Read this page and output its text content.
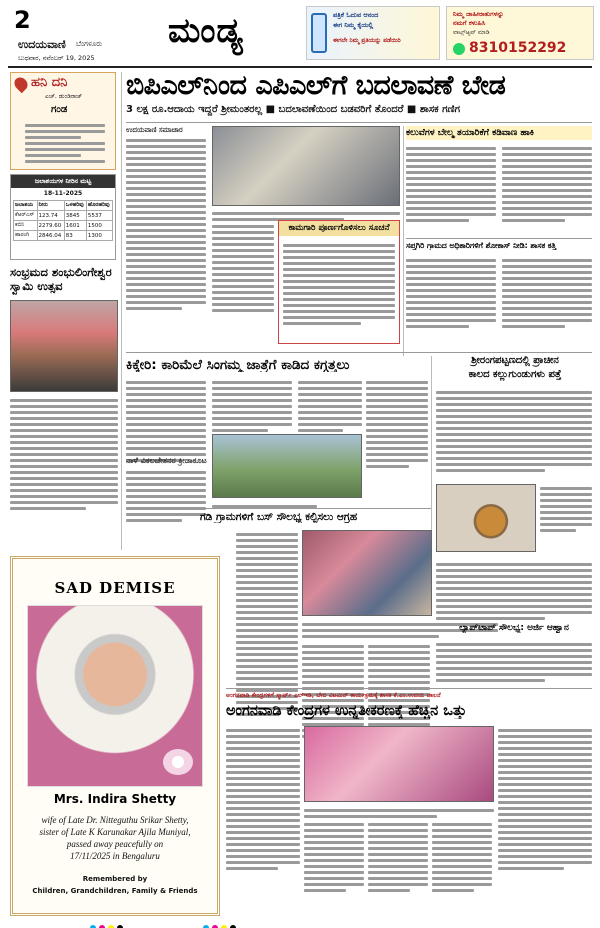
2
ಉದಯವಾಣಿ ಬೆಂಗಳೂರು
ಬುಧವಾರ, ನವೆಂಬರ್ 19, 2025
ಮಂಡ್ಯ	ಪತ್ರಿಕೆ ಓದುವ ಆನಂದ
ಈಗ ನಿಮ್ಮ ಕೈಯಲ್ಲಿ
ಈಗಲೇ ನಿಮ್ಮ ಪ್ರತಿಯನ್ನು ಪಡೆಯಿರಿ
ನಿಮ್ಮ ಜಾಹೀರಾತುಗಳನ್ನು
ನಮಗೆ ಕಳುಹಿಸಿ
ವಾಟ್ಸ್‌ಆ್ಯಪ್ ಮಾಡಿ
8310152292
ಹನಿ ದನಿ
ಎಚ್. ಡುಂಡಿರಾಜ್
ಗಂಡ
ಜಲಾಶಯಗಳ ನೀರಿನ ಮಟ್ಟ
18-11-2025
ಜಲಾಶಯ	ನೀರು	ಒಳಹರಿವು	ಹೊರಹರಿವು
ಕೆಆರ್‌ಎಸ್	123.74	3845	5537
ಕಬಿನಿ	2279.60	1601	1500
ಹಾರಂಗಿ	2846.04	83	1300
ಸಂಭ್ರಮದ ಶಂಭುಲಿಂಗೇಶ್ವರ ಸ್ವಾಮಿ ಉತ್ಸವ
ಬಿಪಿಎಲ್‌ನಿಂದ ಎಪಿಎಲ್‌ಗೆ ಬದಲಾವಣೆ ಬೇಡ
3 ಲಕ್ಷ ರೂ.ಆದಾಯ ಇದ್ದರೆ ಶ್ರೀಮಂತರಲ್ಲ ■ ಬದಲಾವಣೆಯಿಂದ ಬಡವರಿಗೆ ತೊಂದರೆ ■ ಶಾಸಕ ಗಣಿಗ
ಉದಯವಾಣಿ ಸಮಾಚಾರ
ಕಾಮಗಾರಿ ಪೂರ್ಣಗೊಳಿಸಲು ಸೂಚನೆ
ಕಲುವೆಗಳ ಬೇಲ್ಮ ತಯಾರಿಕೆಗೆ ಕಡಿವಾಣ ಹಾಕಿ
ಸಪ್ತಗಿರಿ ಗ್ರಾಮದ ಅಧಿಕಾರಿಗಳಿಗೆ ಶೋಕಾಸ್ ನೀಡಿ: ಶಾಸಕ ಕತ್ತಿ
ಕಿಕ್ಕೇರಿ: ಕಾರಿಮೆಲೆ ಸಿಂಗಮ್ಮ ಜಾತ್ರೆಗೆ ಕಾಡಿದ ಕಗ್ಗತ್ತಲು
ನಾಳೆ ವಿಕಲಚೇತನರ ಕ್ರೀಡಾಕೂಟ
ಶ್ರೀರಂಗಪಟ್ಟಣದಲ್ಲಿ ಪ್ರಾಚೀನ
ಕಾಲದ ಕಲ್ಲುಗುಂಡುಗಳು ಪತ್ತೆ
ಗಡಿ ಗ್ರಾಮಗಳಿಗೆ ಬಸ್ ಸೌಲಭ್ಯ ಕಲ್ಪಿಸಲು ಆಗ್ರಹ
ಲ್ಯಾಪ್‌ಟಾಪ್ ಸೌಲಭ್ಯ: ಅರ್ಜಿ ಆಹ್ವಾನ
SAD DEMISE
Mrs. Indira Shetty
wife of Late Dr. Nitteguthu Srikar Shetty,
sister of Late K Karunakar Ajila Muniyal,
passed away peacefully on
17/11/2025 in Bengaluru
Remembered by
Children, Grandchildren, Family & Friends
ಅಂಗನವಾಡಿ ಕೇಂದ್ರಗಳಿಗೆ ಸ್ಮಾರ್ಟ್ ಎಲ್‌ಇಡಿ, ಬೇಬಿ ವಿಟಮಿನ್ ಕಾರ್ಯಕ್ರಮಕ್ಕೆ ಶಾಸಕ ಕೆ.ಎಂ.ಉದಯ ಚಾಲನೆ
ಅಂಗನವಾಡಿ ಕೇಂದ್ರಗಳ ಉನ್ನತೀಕರಣಕ್ಕೆ ಹೆಚ್ಚಿನ ಒತ್ತು
